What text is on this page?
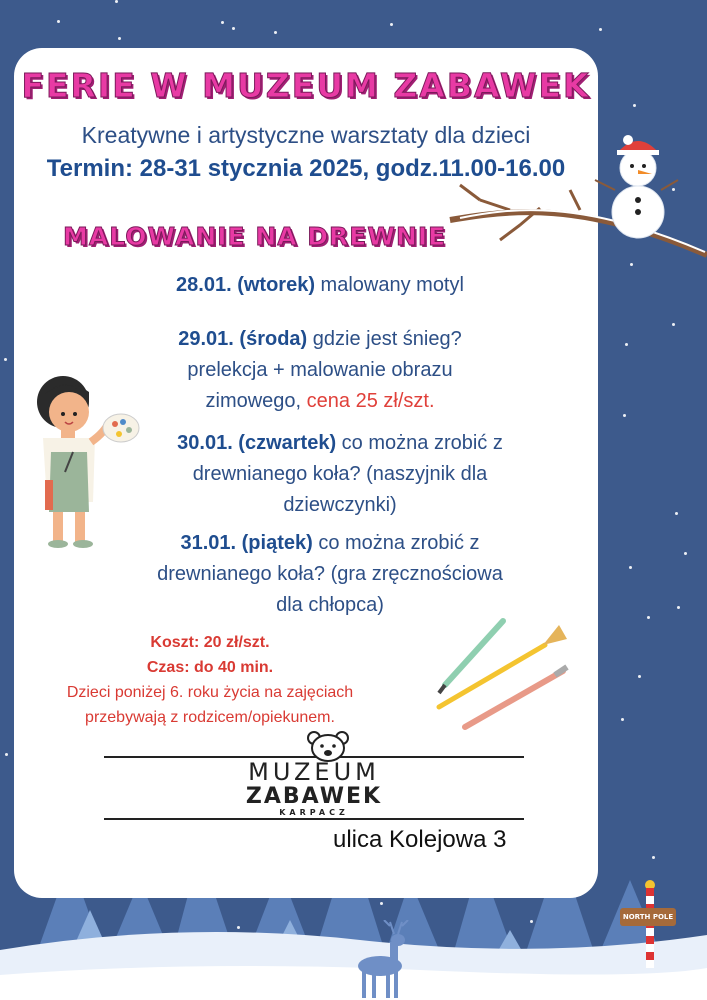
NORTH POLE
FERIE W MUZEUM ZABAWEK
Kreatywne i artystyczne warsztaty dla dzieci
Termin: 28-31 stycznia 2025, godz.11.00-16.00
MALOWANIE NA DREWNIE
28.01. (wtorek) malowany motyl
29.01. (środa) gdzie jest śnieg? prelekcja + malowanie obrazu zimowego, cena 25 zł/szt.
30.01. (czwartek) co można zrobić z drewnianego koła? (naszyjnik dla dziewczynki)
31.01. (piątek) co można zrobić z drewnianego koła? (gra zręcznościowa dla chłopca)
Koszt: 20 zł/szt.
Czas: do 40 min.
Dzieci poniżej 6. roku życia na zajęciach przebywają z rodzicem/opiekunem.
MUZEUM
ZABAWEK
KARPACZ
ulica Kolejowa 3
